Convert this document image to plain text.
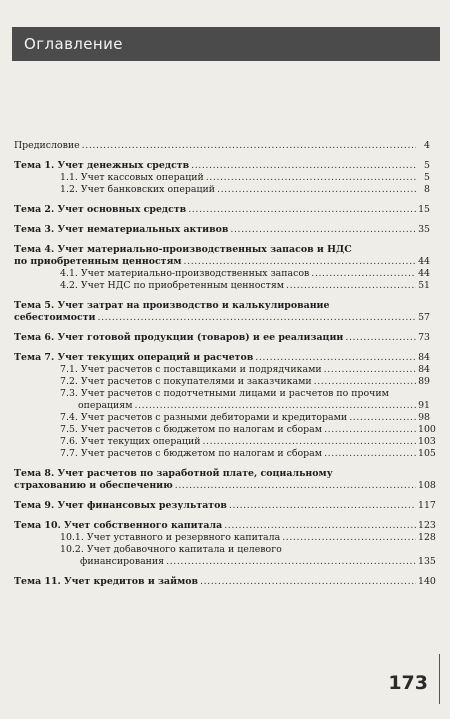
Оглавление
Предисловие .....	4
Тема 1. Учет денежных средств .....	5
1.1. Учет кассовых операций .....	5
1.2. Учет банковских операций .....	8
Тема 2. Учет основных средств .....	15
Тема 3. Учет нематериальных активов .....	35
Тема 4. Учет материально-производственных запасов и НДС
по приобретенным ценностям .....	44
4.1. Учет материально-производственных запасов .....	44
4.2. Учет НДС по приобретенным ценностям .....	51
Тема 5. Учет затрат на производство и калькулирование
себестоимости .....	57
Тема 6. Учет готовой продукции (товаров) и ее реализации .....	73
Тема 7. Учет текущих операций и расчетов .....	84
7.1. Учет расчетов с поставщиками и подрядчиками .....	84
7.2. Учет расчетов с покупателями и заказчиками .....	89
7.3. Учет расчетов с подотчетными лицами и расчетов по прочим
операциям .....	91
7.4. Учет расчетов с разными дебиторами и кредиторами .....	98
7.5. Учет расчетов с бюджетом по налогам и сборам .....	100
7.6. Учет текущих операций .....	103
7.7. Учет расчетов с бюджетом по налогам и сборам .....	105
Тема 8. Учет расчетов по заработной плате, социальному
страхованию и обеспечению .....	108
Тема 9. Учет финансовых результатов .....	117
Тема 10. Учет собственного капитала .....	123
10.1. Учет уставного и резервного капитала .....	128
10.2. Учет добавочного капитала и целевого
финансирования .....	135
Тема 11. Учет кредитов и займов .....	140
173
